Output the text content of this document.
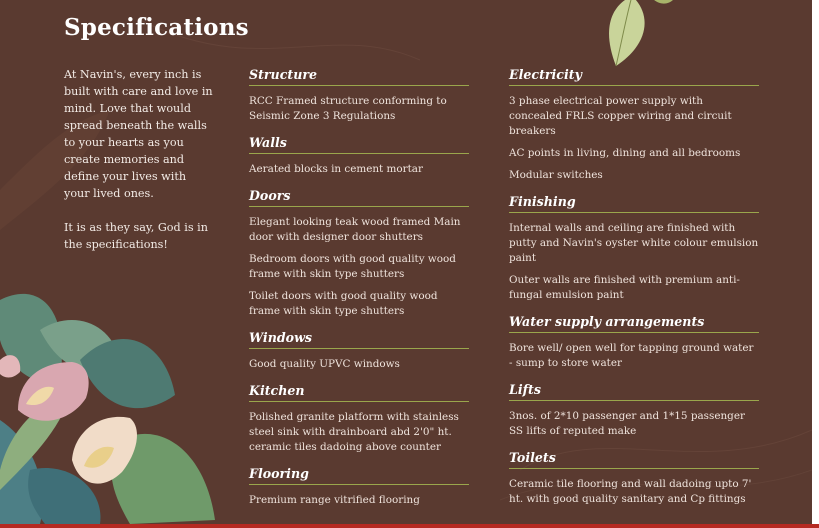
Specifications

At Navin's, every inch is built with care and love in mind. Love that would spread beneath the walls to your hearts as you create memories and define your lives with your lived ones.

It is as they say, God is in the specifications!

Structure

RCC Framed structure conforming to Seismic Zone 3 Regulations

Walls

Aerated blocks in cement mortar

Doors

Elegant looking teak wood framed Main door with designer door shutters

Bedroom doors with good quality wood frame with skin type shutters

Toilet doors with good quality wood frame with skin type shutters

Windows

Good quality UPVC windows

Kitchen

Polished granite platform with stainless steel sink with drainboard abd 2'0" ht. ceramic tiles dadoing above counter

Flooring

Premium range vitrified flooring

Electricity

3 phase electrical power supply with concealed FRLS copper wiring and circuit breakers

AC points in living, dining and all bedrooms

Modular switches

Finishing

Internal walls and ceiling are finished with putty and Navin's oyster white colour emulsion paint

Outer walls are finished with premium anti-fungal emulsion paint

Water supply arrangements

Bore well/ open well for tapping ground water - sump to store water

Lifts

3nos. of 2*10 passenger and 1*15 passenger SS lifts of reputed make

Toilets

Ceramic tile flooring and wall dadoing upto 7' ht. with good quality sanitary and Cp fittings
